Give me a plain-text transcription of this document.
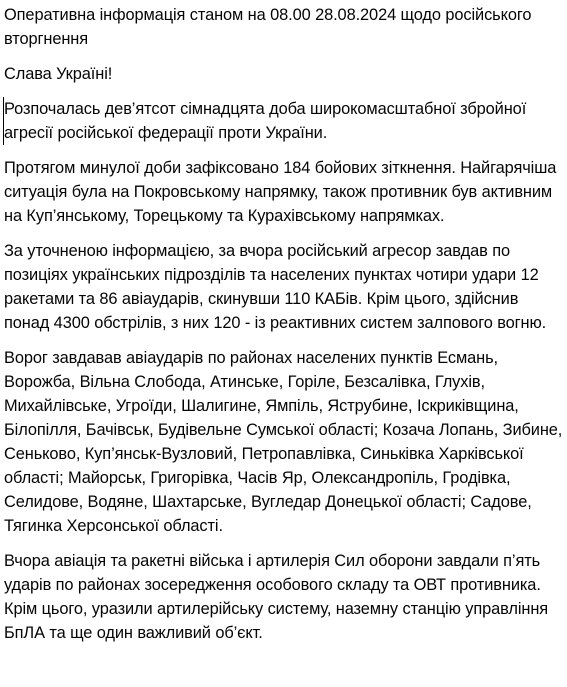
Оперативна інформація станом на 08.00 28.08.2024 щодо російського вторгнення

Слава Україні!

Розпочалась дев’ятсот сімнадцята доба широкомасштабної збройної агресії російської федерації проти України.

Протягом минулої доби зафіксовано 184 бойових зіткнення. Найгарячіша ситуація була на Покровському напрямку, також противник був активним на Куп’янському, Торецькому та Курахівському напрямках.

За уточненою інформацією, за вчора російський агресор завдав по позиціях українських підрозділів та населених пунктах чотири удари 12 ракетами та 86 авіаударів, скинувши 110 КАБів. Крім цього, здійснив понад 4300 обстрілів, з них 120 - із реактивних систем залпового вогню.

Ворог завдавав авіаударів по районах населених пунктів Есмань, Ворожба, Вільна Слобода, Атинське, Горіле, Безсалівка, Глухів, Михайлівське, Угроїди, Шалигине, Ямпіль, Яструбине, Іскриківщина, Білопілля, Бачівськ, Будівельне Сумської області; Козача Лопань, Зибине, Сеньково, Куп’янськ-Вузловий, Петропавлівка, Синьківка Харківської області; Майорськ, Григорівка, Часів Яр, Олександропіль, Гродівка, Селидове, Водяне, Шахтарське, Вугледар Донецької області; Садове, Тягинка Херсонської області.

Вчора авіація та ракетні війська і артилерія Сил оборони завдали п’ять ударів по районах зосередження особового складу та ОВТ противника. Крім цього, уразили артилерійську систему, наземну станцію управління БпЛА та ще один важливий об’єкт.
